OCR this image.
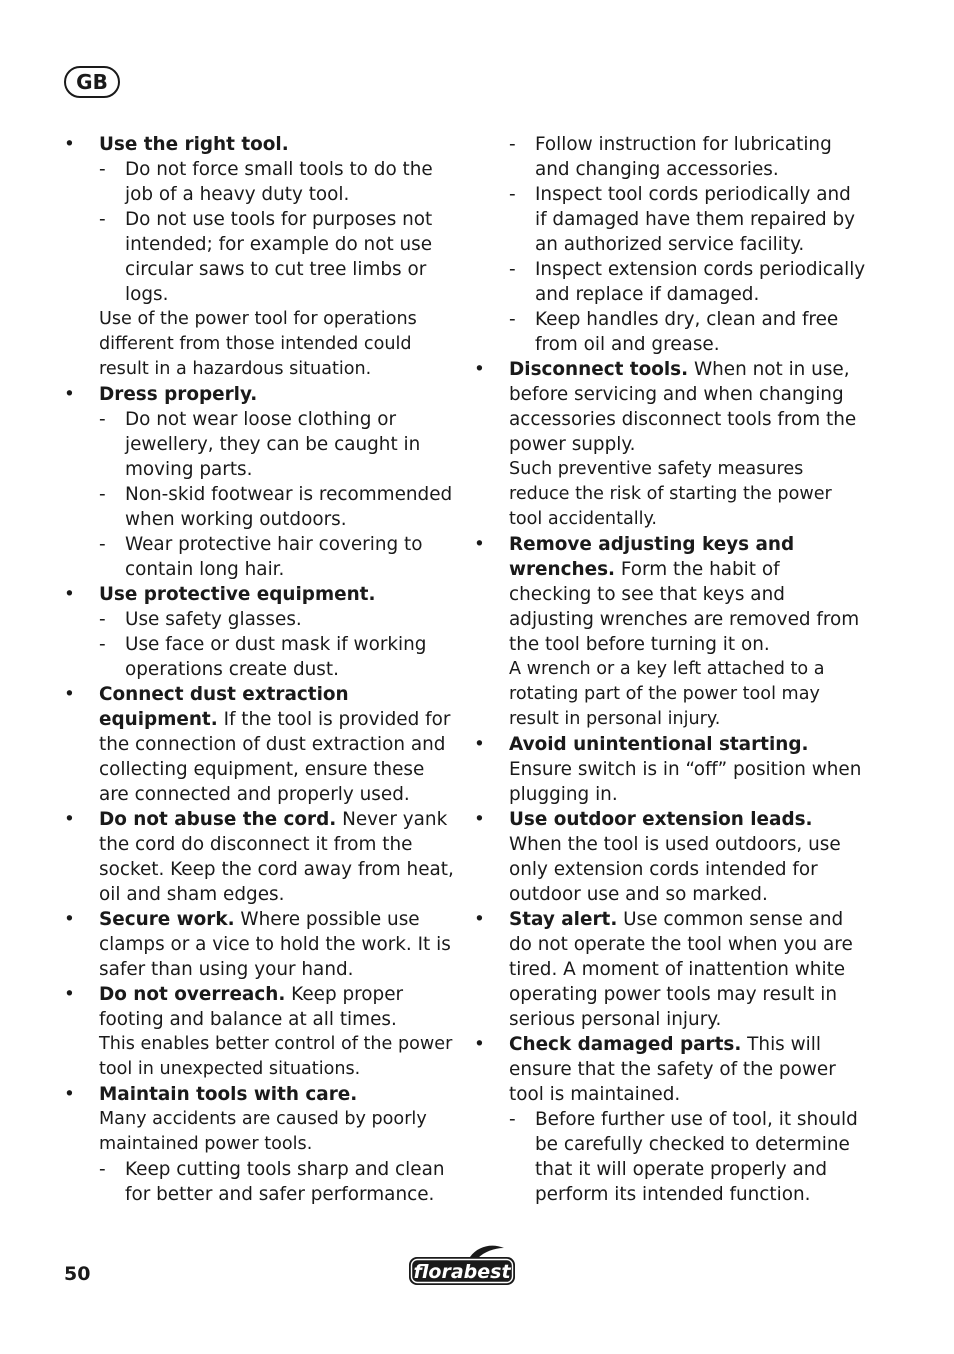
GB
•	Use the right tool.
-	Do not force small tools to do the job of a heavy duty tool.
-	Do not use tools for purposes not intended; for example do not use circular saws to cut tree limbs or logs.
Use of the power tool for operations different from those intended could result in a hazardous situation.
•	Dress properly.
-	Do not wear loose clothing or jewellery, they can be caught in moving parts.
-	Non-skid footwear is recommended when working outdoors.
-	Wear protective hair covering to contain long hair.
•	Use protective equipment.
-	Use safety glasses.
-	Use face or dust mask if working operations create dust.
•	Connect dust extraction equipment. If the tool is provided for the connection of dust extraction and collecting equipment, ensure these are connected and properly used.
•	Do not abuse the cord. Never yank the cord do disconnect it from the socket. Keep the cord away from heat, oil and sham edges.
•	Secure work. Where possible use clamps or a vice to hold the work. It is safer than using your hand.
•	Do not overreach. Keep proper footing and balance at all times.
This enables better control of the power tool in unexpected situations.
•	Maintain tools with care.
Many accidents are caused by poorly maintained power tools.
-	Keep cutting tools sharp and clean for better and safer performance.
-	Follow instruction for lubricating and changing accessories.
-	Inspect tool cords periodically and if damaged have them repaired by an authorized service facility.
-	Inspect extension cords periodically and replace if damaged.
-	Keep handles dry, clean and free from oil and grease.
•	Disconnect tools. When not in use, before servicing and when changing accessories disconnect tools from the power supply.
Such preventive safety measures reduce the risk of starting the power tool accidentally.
•	Remove adjusting keys and wrenches. Form the habit of checking to see that keys and adjusting wrenches are removed from the tool before turning it on.
A wrench or a key left attached to a rotating part of the power tool may result in personal injury.
•	Avoid unintentional starting.
Ensure switch is in “off” position when plugging in.
•	Use outdoor extension leads.
When the tool is used outdoors, use only extension cords intended for outdoor use and so marked.
•	Stay alert. Use common sense and do not operate the tool when you are tired. A moment of inattention white operating power tools may result in serious personal injury.
•	Check damaged parts. This will ensure that the safety of the power tool is maintained.
-	Before further use of tool, it should be carefully checked to determine that it will operate properly and perform its intended function.
50	florabest
